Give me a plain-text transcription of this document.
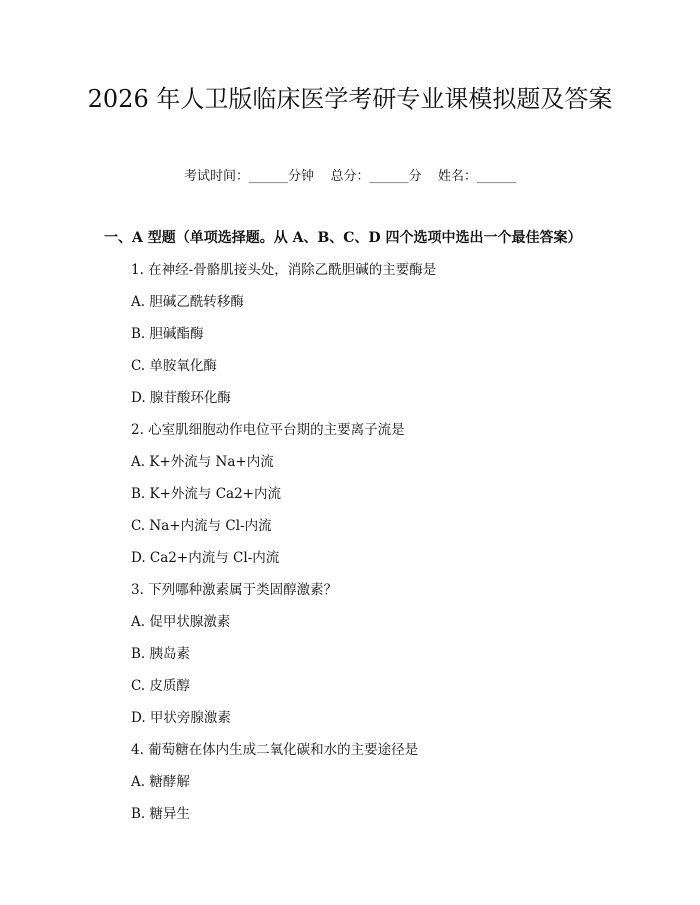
2026 年人卫版临床医学考研专业课模拟题及答案
考试时间：______分钟    总分：______分    姓名：______
一、A 型题（单项选择题。从 A、B、C、D 四个选项中选出一个最佳答案）
1. 在神经-骨骼肌接头处，消除乙酰胆碱的主要酶是
A. 胆碱乙酰转移酶
B. 胆碱酯酶
C. 单胺氧化酶
D. 腺苷酸环化酶
2. 心室肌细胞动作电位平台期的主要离子流是
A. K+外流与 Na+内流
B. K+外流与 Ca2+内流
C. Na+内流与 Cl-内流
D. Ca2+内流与 Cl-内流
3. 下列哪种激素属于类固醇激素？
A. 促甲状腺激素
B. 胰岛素
C. 皮质醇
D. 甲状旁腺激素
4. 葡萄糖在体内生成二氧化碳和水的主要途径是
A. 糖酵解
B. 糖异生
